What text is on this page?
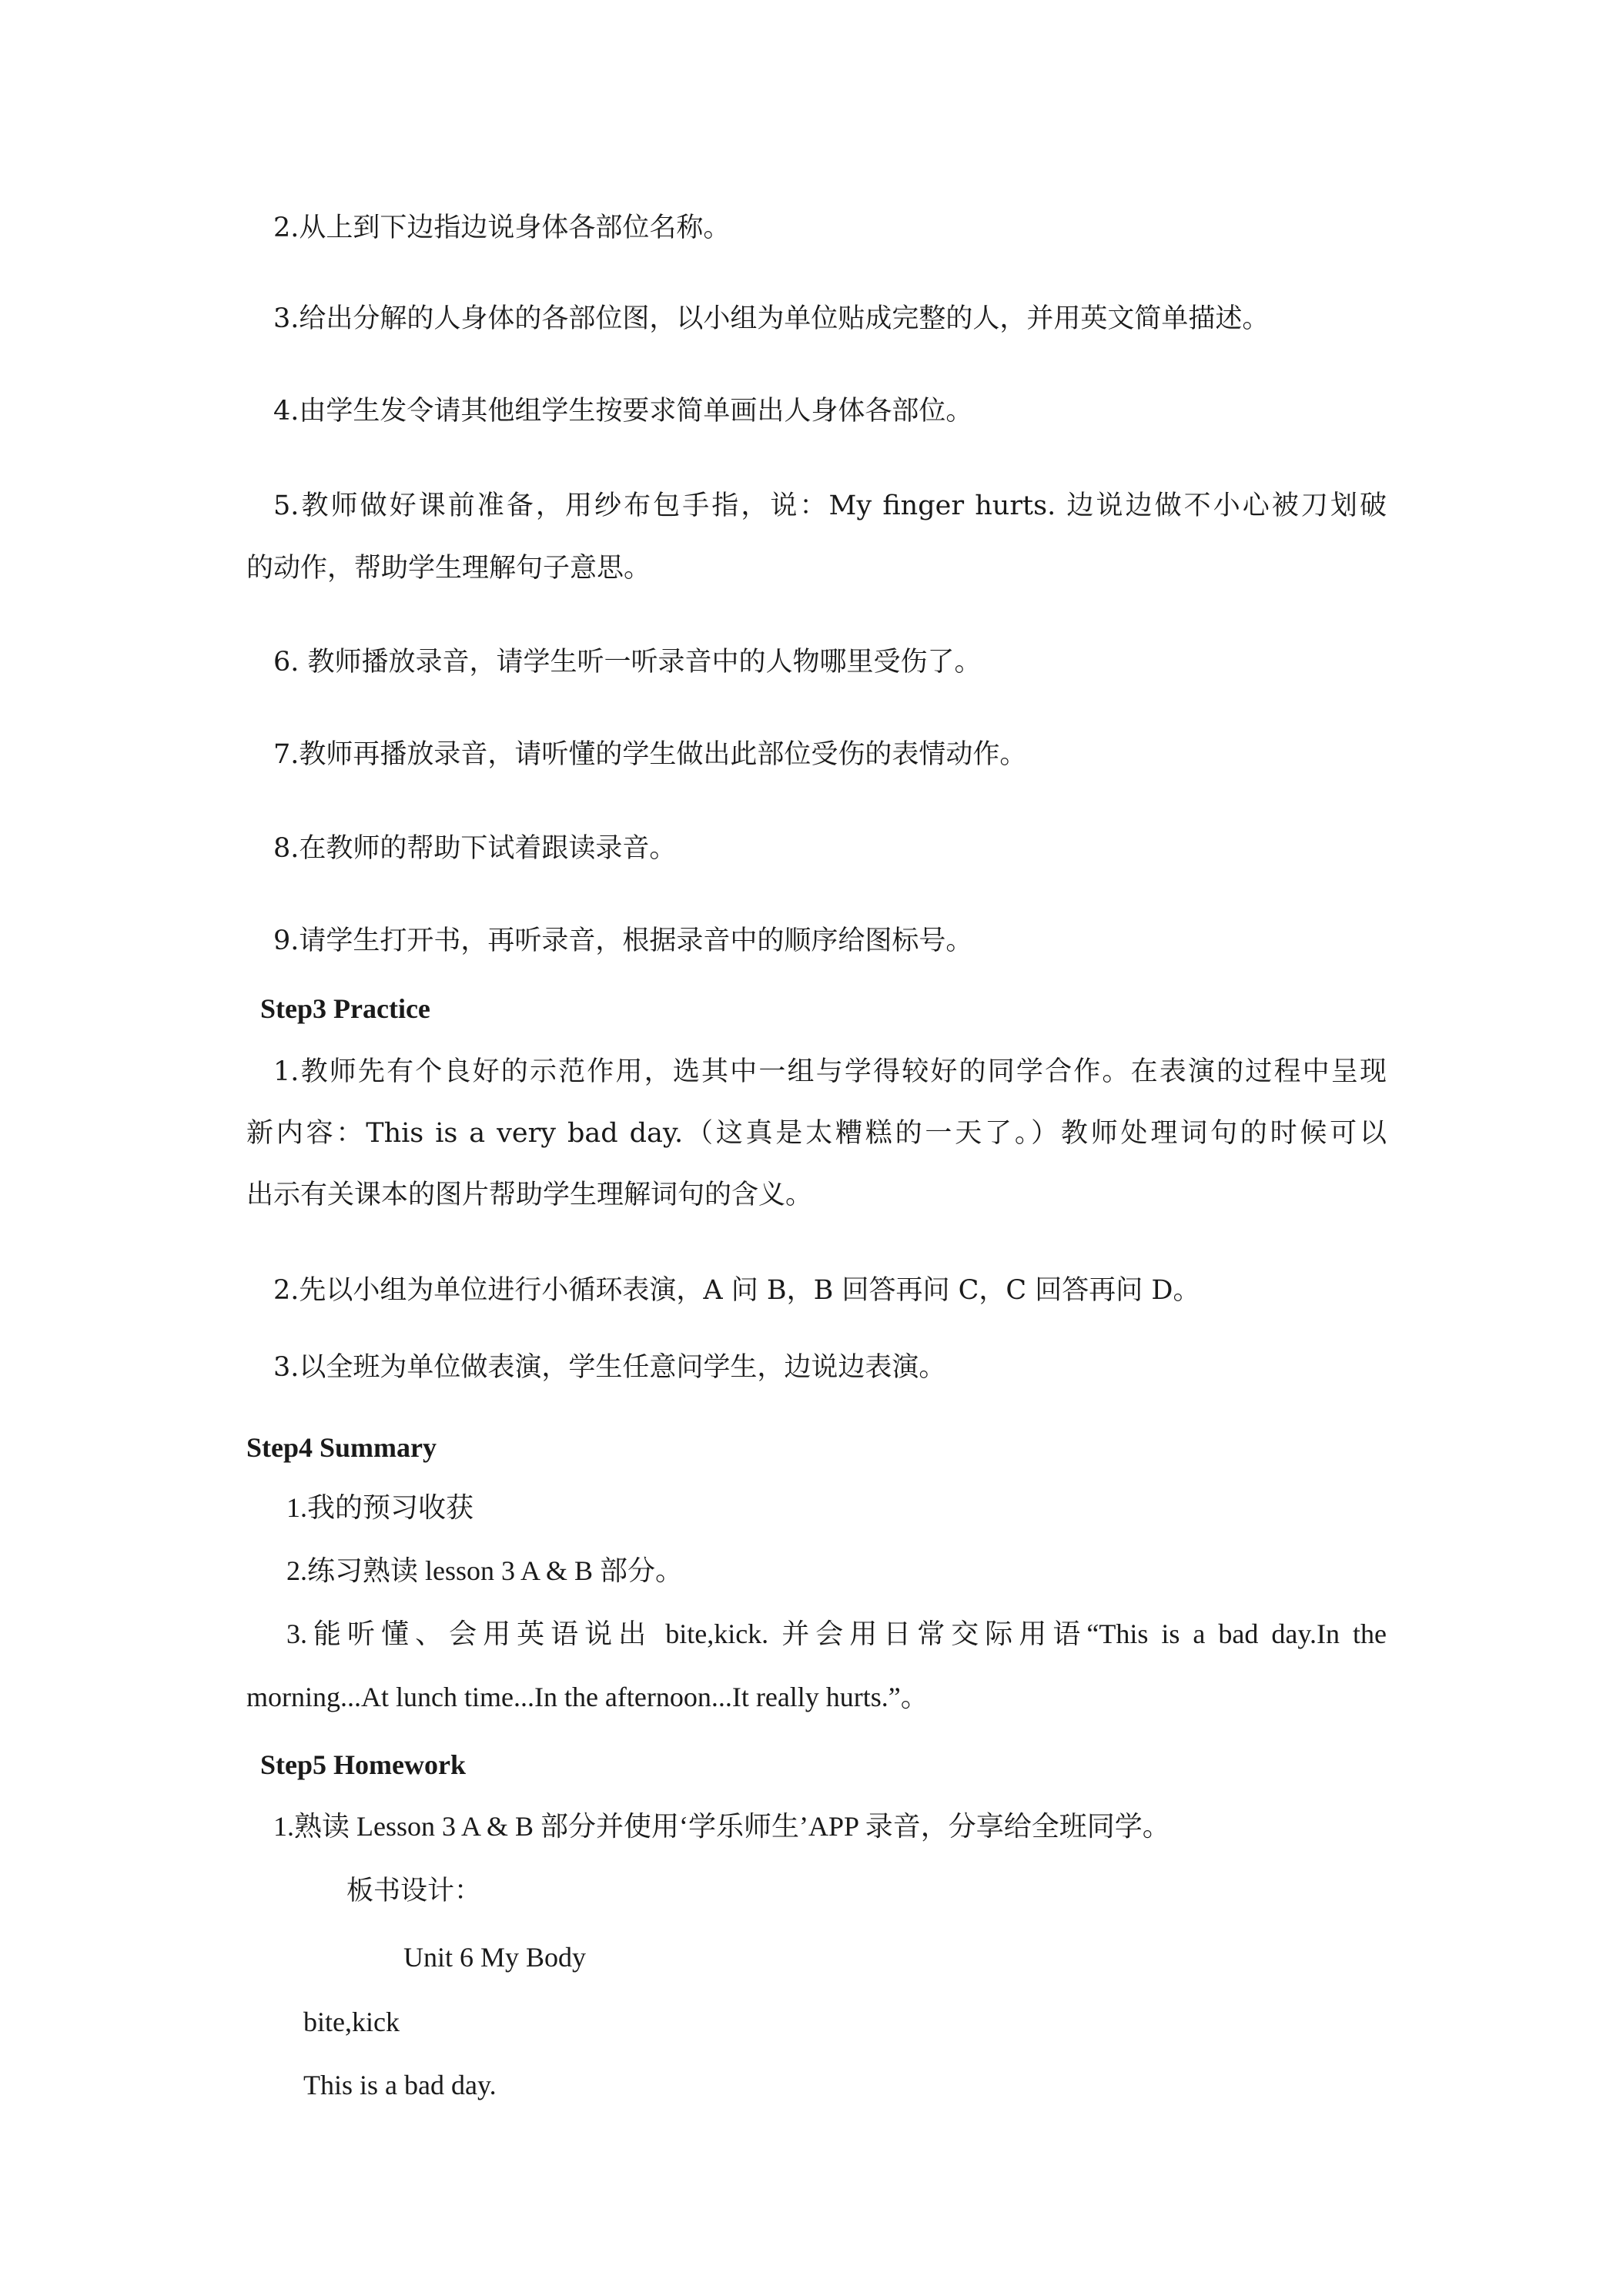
2.从上到下边指边说身体各部位名称。
3.给出分解的人身体的各部位图，以小组为单位贴成完整的人，并用英文简单描述。
4.由学生发令请其他组学生按要求简单画出人身体各部位。
5.教师做好课前准备，用纱布包手指，说：My finger hurts. 边说边做不小心被刀划破
的动作，帮助学生理解句子意思。
6. 教师播放录音，请学生听一听录音中的人物哪里受伤了。
7.教师再播放录音，请听懂的学生做出此部位受伤的表情动作。
8.在教师的帮助下试着跟读录音。
9.请学生打开书，再听录音，根据录音中的顺序给图标号。
Step3 Practice
1.教师先有个良好的示范作用，选其中一组与学得较好的同学合作。在表演的过程中呈现
新内容：This is a very bad day.（这真是太糟糕的一天了。）教师处理词句的时候可以
出示有关课本的图片帮助学生理解词句的含义。
2.先以小组为单位进行小循环表演，A 问 B，B 回答再问 C，C 回答再问 D。
3.以全班为单位做表演，学生任意问学生，边说边表演。
Step4 Summary
1.我的预习收获
2.练习熟读 lesson 3 A & B 部分。
3.能听懂、会用英语说出 bite,kick. 并会用日常交际用语“This is a bad day.In the
morning...At lunch time...In the afternoon...It really hurts.”。
Step5 Homework
1.熟读 Lesson 3 A & B 部分并使用‘学乐师生’APP 录音，分享给全班同学。
板书设计：
Unit 6 My Body
bite,kick
This is a bad day.
